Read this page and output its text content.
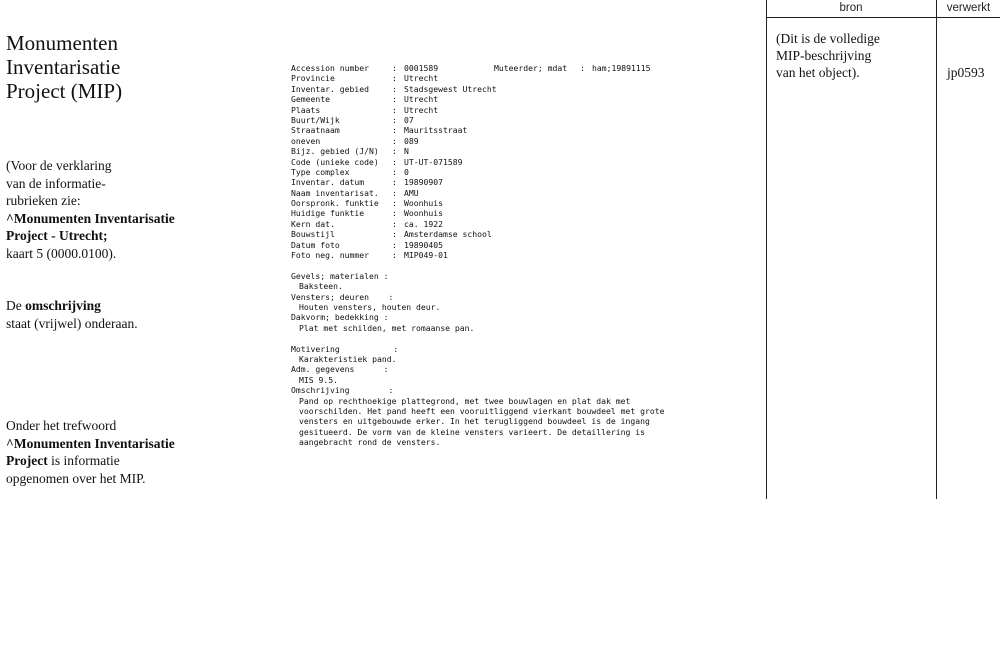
Monumenten
Inventarisatie
Project (MIP)
(Voor de verklaring
van de informatie-
rubrieken zie:
^Monumenten Inventarisatie
Project - Utrecht;
kaart 5 (0000.0100).
De omschrijving
staat (vrijwel) onderaan.
Onder het trefwoord
^Monumenten Inventarisatie
Project is informatie
opgenomen over het MIP.
Accession number	: 0001589	Muteerder; mdat	: ham;19891115
Provincie	: Utrecht
Inventar. gebied	: Stadsgewest Utrecht
Gemeente	: Utrecht
Plaats	: Utrecht
Buurt/Wijk	: 07
Straatnaam	: Mauritsstraat
oneven	: 089
Bijz. gebied (J/N)	: N
Code (unieke code)	: UT-UT-071589
Type complex	: 0
Inventar. datum	: 19890907
Naam inventarisat.	: AMU
Oorspronk. funktie	: Woonhuis
Huidige funktie	: Woonhuis
Kern dat.	: ca. 1922
Bouwstijl	: Amsterdamse school
Datum foto	: 19890405
Foto neg. nummer	: MIP049-01
Gevels; materialen :
Baksteen.
Vensters; deuren    :
Houten vensters, houten deur.
Dakvorm; bedekking :
Plat met schilden, met romaanse pan.
Motivering           :
Karakteristiek pand.
Adm. gegevens      :
MIS 9.5.
Omschrijving        :
Pand op rechthoekige plattegrond, met twee bouwlagen en plat dak met
voorschilden. Het pand heeft een vooruitliggend vierkant bouwdeel met grote
vensters en uitgebouwde erker. In het terugliggend bouwdeel is de ingang
gesitueerd. De vorm van de kleine vensters varieert. De detaillering is
aangebracht rond de vensters.
bron	verwerkt
(Dit is de volledige
MIP-beschrijving
van het object).	jp0593
